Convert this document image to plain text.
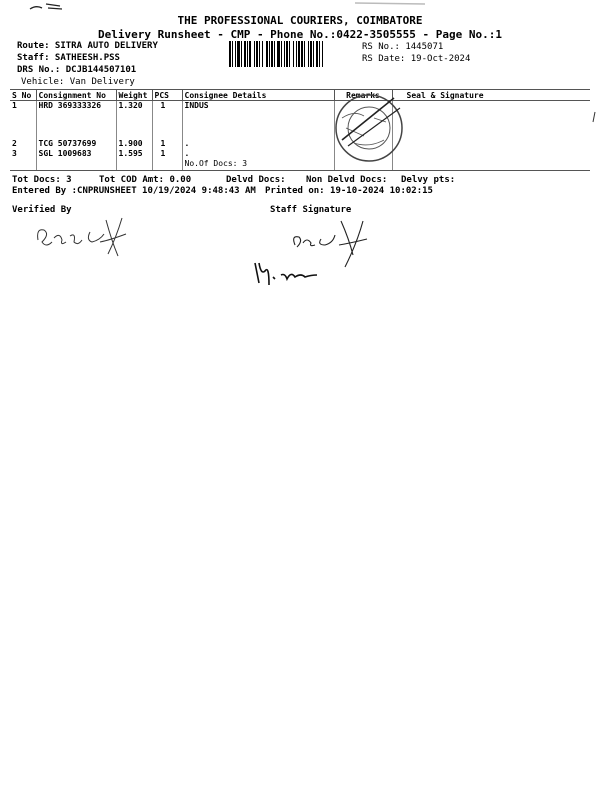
THE PROFESSIONAL COURIERS, COIMBATORE
Delivery Runsheet - CMP - Phone No.:0422-3505555 - Page No.:1
Route: SITRA AUTO DELIVERY
Staff: SATHEESH.PSS
DRS No.: DCJB144507101
Vehicle: Van Delivery
RS No.: 1445071
RS Date: 19-Oct-2024
S No	Consignment No	Weight	PCS	Consignee Details	Remarks	Seal & Signature
1	HRD 369333326	1.320	1	INDUS		
2	TCG 50737699	1.900	1	.		
3	SGL 1009683	1.595	1	.		
				No.Of Docs: 3		
Tot Docs: 3	Tot COD Amt: 0.00	Delvd Docs: Non Delvd Docs: Delvy pts:
Entered By :CNPRUNSHEET 10/19/2024 9:48:43 AM Printed on: 19-10-2024 10:02:15
Verified By	Staff Signature
